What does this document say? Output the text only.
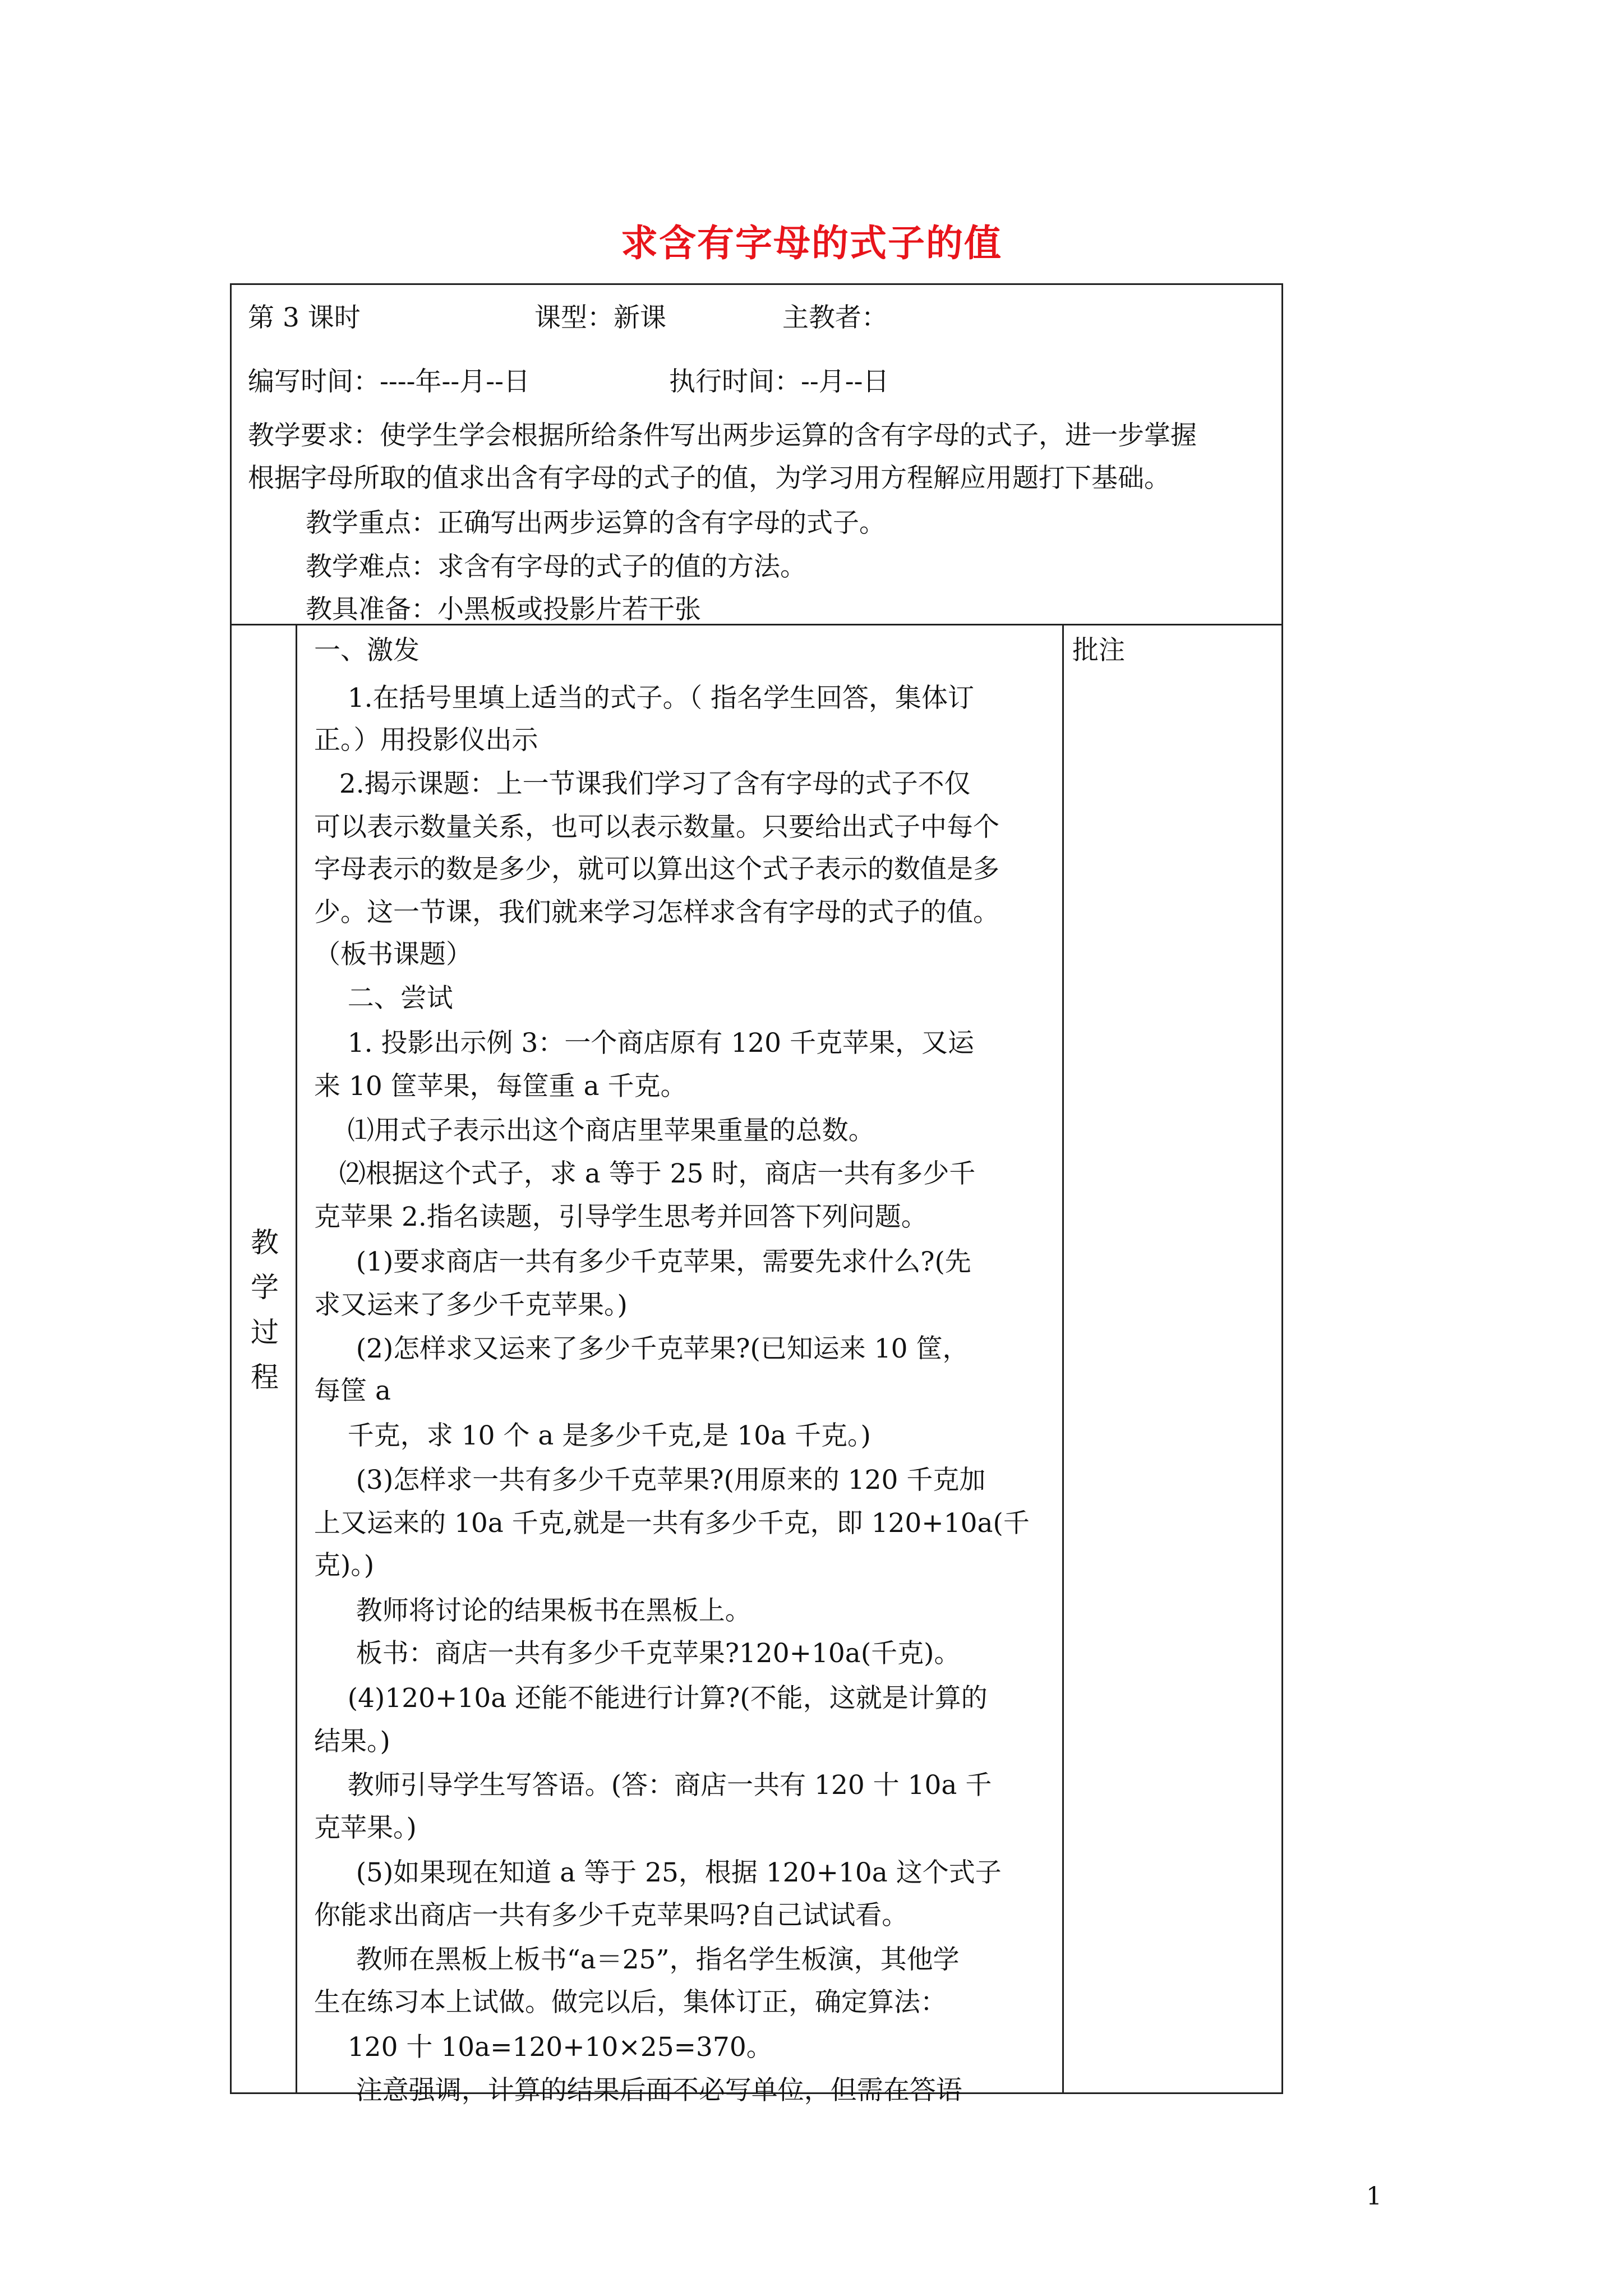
求含有字母的式子的值
第 3 课时	课型：新课	主教者：
编写时间：----年--月--日	执行时间：--月--日
教学要求：使学生学会根据所给条件写出两步运算的含有字母的式子，进一步掌握
根据字母所取的值求出含有字母的式子的值，为学习用方程解应用题打下基础。
教学重点：正确写出两步运算的含有字母的式子。
教学难点：求含有字母的式子的值的方法。
教具准备：小黑板或投影片若干张
教
学
过
程
批注
一、激发
1.在括号里填上适当的式子。（ 指名学生回答，集体订
正。）用投影仪出示
2.揭示课题：上一节课我们学习了含有字母的式子不仅
可以表示数量关系，也可以表示数量。只要给出式子中每个
字母表示的数是多少，就可以算出这个式子表示的数值是多
少。这一节课，我们就来学习怎样求含有字母的式子的值。
（板书课题）
二、尝试
1. 投影出示例 3：一个商店原有 120 千克苹果，又运
来 10 筐苹果，每筐重 a 千克。
⑴用式子表示出这个商店里苹果重量的总数。
⑵根据这个式子，求 a 等于 25 时，商店一共有多少千
克苹果 2.指名读题，引导学生思考并回答下列问题。
(1)要求商店一共有多少千克苹果，需要先求什么?(先
求又运来了多少千克苹果。)
(2)怎样求又运来了多少千克苹果?(已知运来 10 筐，
每筐 a
千克，求 10 个 a 是多少千克,是 10a 千克。)
(3)怎样求一共有多少千克苹果?(用原来的 120 千克加
上又运来的 10a 千克,就是一共有多少千克，即 120+10a(千
克)。)
教师将讨论的结果板书在黑板上。
板书：商店一共有多少千克苹果?120+10a(千克)。
(4)120+10a 还能不能进行计算?(不能，这就是计算的
结果。)
教师引导学生写答语。(答：商店一共有 120 十 10a 千
克苹果。)
(5)如果现在知道 a 等于 25，根据 120+10a 这个式子
你能求出商店一共有多少千克苹果吗?自己试试看。
教师在黑板上板书“a＝25”，指名学生板演，其他学
生在练习本上试做。做完以后，集体订正，确定算法：
120 十 10a=120+10×25=370。
注意强调，计算的结果后面不必写单位，但需在答语
1
